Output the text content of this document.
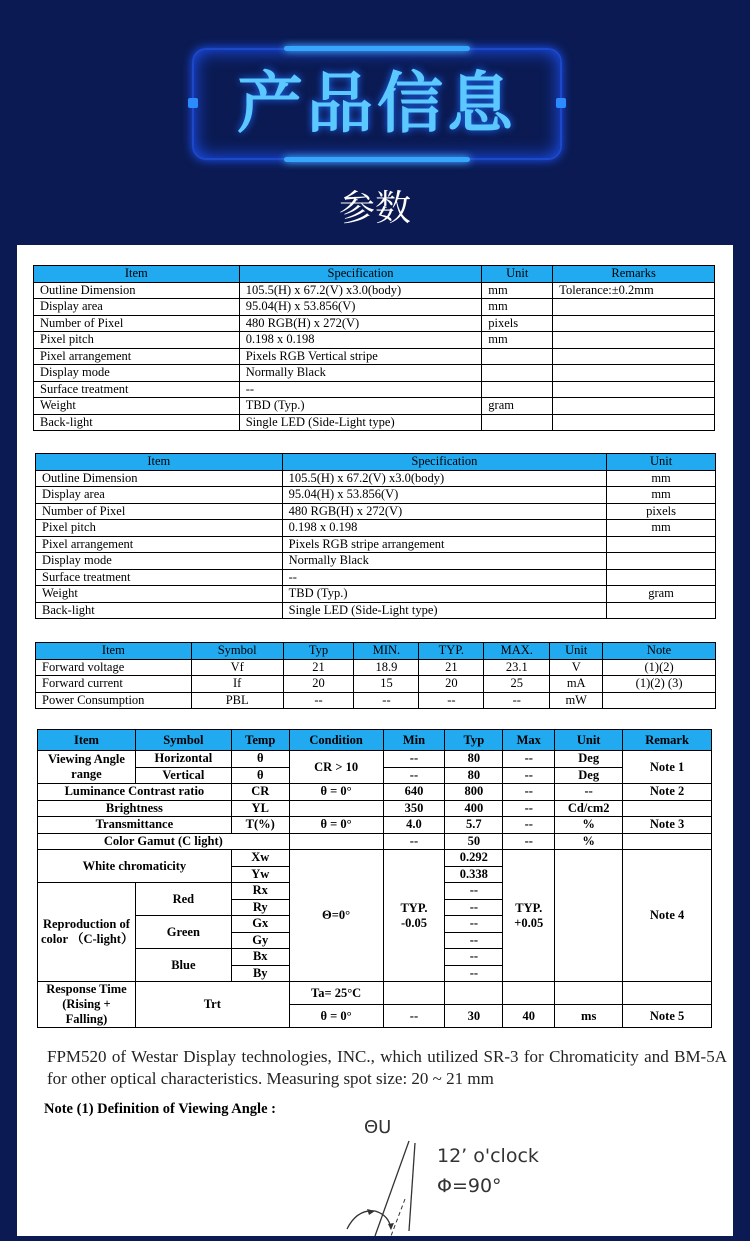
产品信息
参数
Item	Specification	Unit	Remarks
Outline Dimension	105.5(H) x 67.2(V) x3.0(body)	mm	Tolerance:±0.2mm
Display area	95.04(H) x 53.856(V)	mm	
Number of Pixel	480 RGB(H) x 272(V)	pixels	
Pixel pitch	0.198 x 0.198	mm	
Pixel arrangement	Pixels RGB Vertical stripe		
Display mode	Normally Black		
Surface treatment	--		
Weight	TBD (Typ.)	gram	
Back-light	Single LED (Side-Light type)		
Item	Specification	Unit
Outline Dimension	105.5(H) x 67.2(V) x3.0(body)	mm
Display area	95.04(H) x 53.856(V)	mm
Number of Pixel	480 RGB(H) x 272(V)	pixels
Pixel pitch	0.198 x 0.198	mm
Pixel arrangement	Pixels RGB stripe arrangement	
Display mode	Normally Black	
Surface treatment	--	
Weight	TBD (Typ.)	gram
Back-light	Single LED (Side-Light type)	
Item	Symbol	Typ	MIN.	TYP.	MAX.	Unit	Note
Forward voltage	Vf	21	18.9	21	23.1	V	(1)(2)
Forward current	If	20	15	20	25	mA	(1)(2) (3)
Power Consumption	PBL	--	--	--	--	mW	
Item	Symbol	Temp	Condition	Min	Typ	Max	Unit	Remark
Viewing Angle range	Horizontal	θ	CR > 10	--	80	--	Deg	Note 1
	Vertical	θ		--	80	--	Deg	
Luminance Contrast ratio		CR	θ = 0°	640	800	--	--	Note 2
Brightness		YL		350	400	--	Cd/cm2	
Transmittance		T(%)	θ = 0°	4.0	5.7	--	%	Note 3
Color Gamut (C light)				--	50	--	%	
White chromaticity		Xw	Θ=0°	TYP. -0.05	0.292	TYP. +0.05		Note 4
		Yw			0.338			
Reproduction of color （C-light）	Red	Rx			--			
		Ry			--			
	Green	Gx			--			
		Gy			--			
	Blue	Bx			--			
		By			--			
Response Time (Rising + Falling)	Trt		Ta= 25°C					
			θ = 0°	--	30	40	ms	Note 5
FPM520 of Westar Display technologies, INC., which utilized SR-3 for Chromaticity and BM-5A for other optical characteristics. Measuring spot size: 20 ~ 21 mm
Note (1) Definition of Viewing Angle :
ΘU
12’ o'clock
Φ=90°
